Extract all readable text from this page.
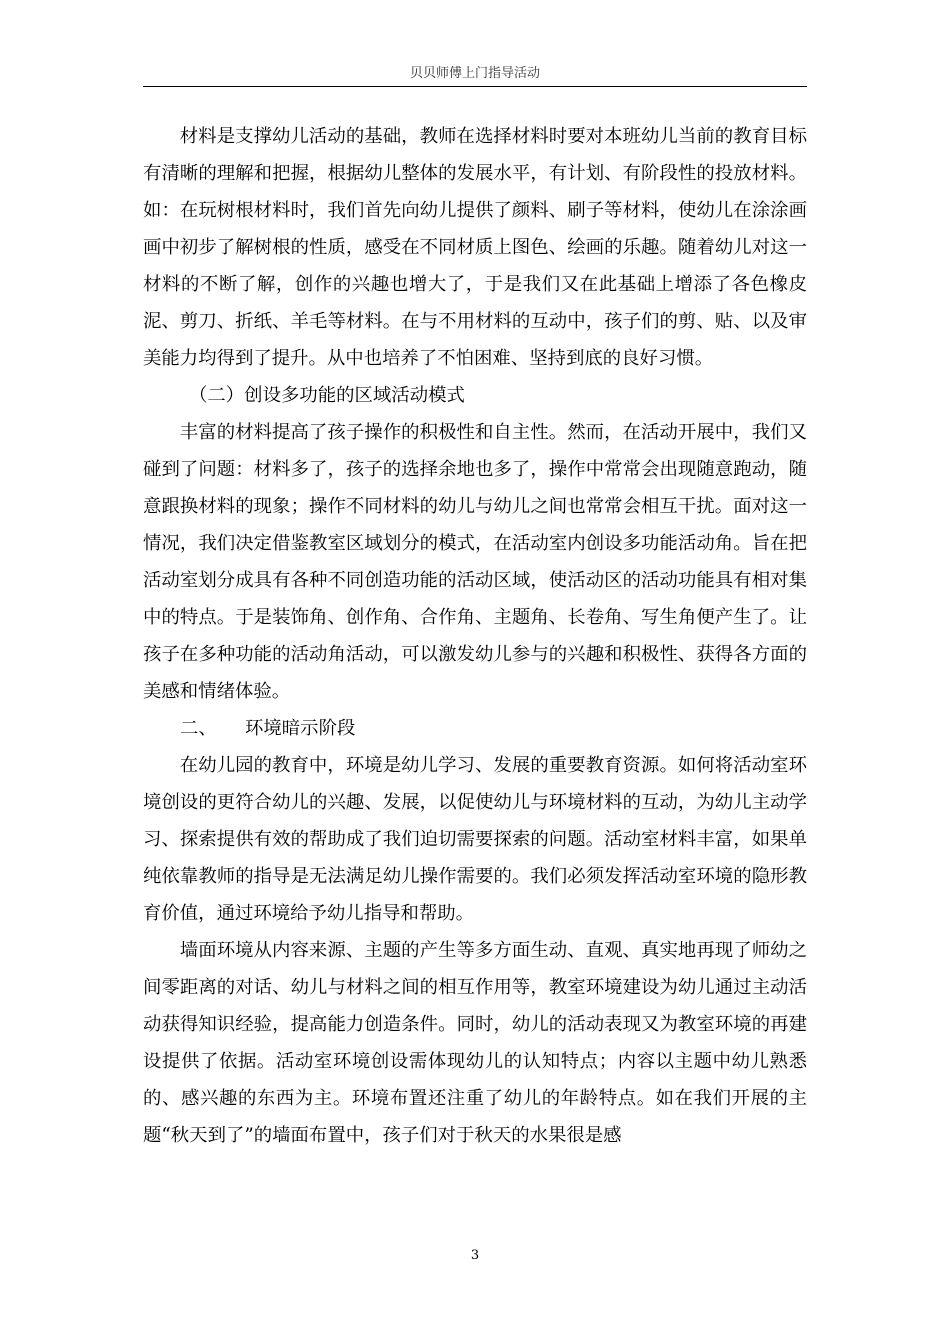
贝贝师傅上门指导活动

材料是支撑幼儿活动的基础，教师在选择材料时要对本班幼儿当前的教育目标有清晰的理解和把握，根据幼儿整体的发展水平，有计划、有阶段性的投放材料。如：在玩树根材料时，我们首先向幼儿提供了颜料、刷子等材料，使幼儿在涂涂画画中初步了解树根的性质，感受在不同材质上图色、绘画的乐趣。随着幼儿对这一材料的不断了解，创作的兴趣也增大了，于是我们又在此基础上增添了各色橡皮泥、剪刀、折纸、羊毛等材料。在与不用材料的互动中，孩子们的剪、贴、以及审美能力均得到了提升。从中也培养了不怕困难、坚持到底的良好习惯。

（二）创设多功能的区域活动模式

丰富的材料提高了孩子操作的积极性和自主性。然而，在活动开展中，我们又碰到了问题：材料多了，孩子的选择余地也多了，操作中常常会出现随意跑动，随意跟换材料的现象；操作不同材料的幼儿与幼儿之间也常常会相互干扰。面对这一情况，我们决定借鉴教室区域划分的模式，在活动室内创设多功能活动角。旨在把活动室划分成具有各种不同创造功能的活动区域，使活动区的活动功能具有相对集中的特点。于是装饰角、创作角、合作角、主题角、长卷角、写生角便产生了。让孩子在多种功能的活动角活动，可以激发幼儿参与的兴趣和积极性、获得各方面的美感和情绪体验。

二、 环境暗示阶段

在幼儿园的教育中，环境是幼儿学习、发展的重要教育资源。如何将活动室环境创设的更符合幼儿的兴趣、发展，以促使幼儿与环境材料的互动，为幼儿主动学习、探索提供有效的帮助成了我们迫切需要探索的问题。活动室材料丰富，如果单纯依靠教师的指导是无法满足幼儿操作需要的。我们必须发挥活动室环境的隐形教育价值，通过环境给予幼儿指导和帮助。

墙面环境从内容来源、主题的产生等多方面生动、直观、真实地再现了师幼之间零距离的对话、幼儿与材料之间的相互作用等，教室环境建设为幼儿通过主动活动获得知识经验，提高能力创造条件。同时，幼儿的活动表现又为教室环境的再建设提供了依据。活动室环境创设需体现幼儿的认知特点；内容以主题中幼儿熟悉的、感兴趣的东西为主。环境布置还注重了幼儿的年龄特点。如在我们开展的主题“秋天到了”的墙面布置中，孩子们对于秋天的水果很是感

3
